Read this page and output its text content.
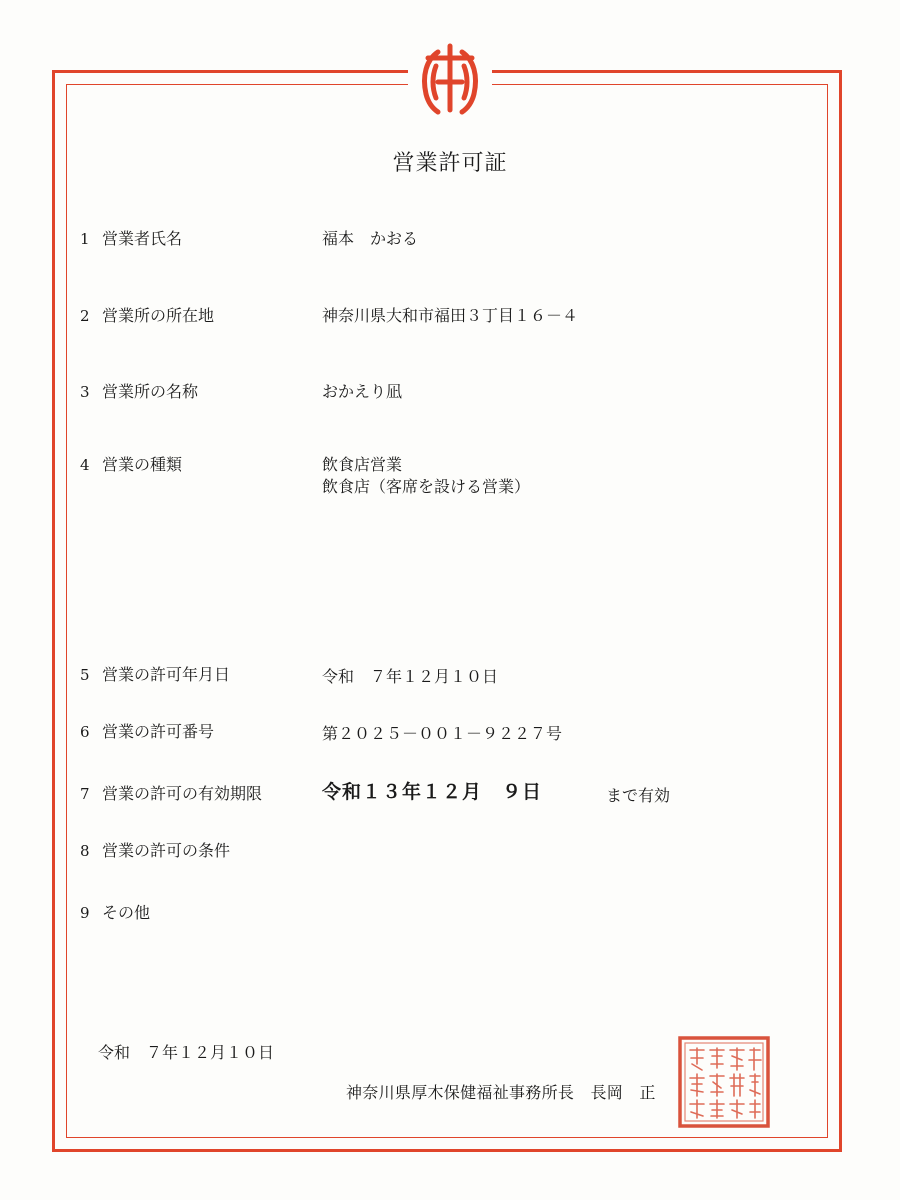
営業許可証
1 営業者氏名	福本　かおる
2 営業所の所在地	神奈川県大和市福田３丁目１６－４
3 営業所の名称	おかえり凪
4 営業の種類	飲食店営業
飲食店（客席を設ける営業）
5 営業の許可年月日	令和　７年１２月１０日
6 営業の許可番号	第２０２５－００１－９２２７号
7 営業の許可の有効期限	令和１３年１２月　９日	まで有効
8 営業の許可の条件
9 その他
令和　７年１２月１０日
神奈川県厚木保健福祉事務所長　長岡　正
